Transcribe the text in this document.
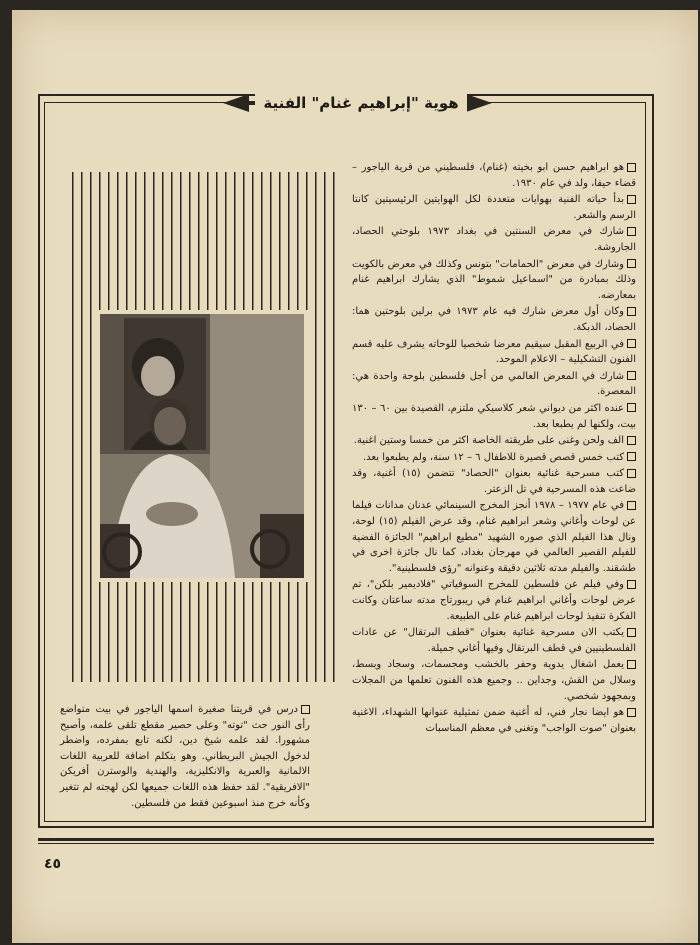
هوية "إبراهيم غنام" الفنية

هو ابراهيم حسن ابو بخيته (غنام)، فلسطيني من قرية الياجور – قضاء حيفا، ولد في عام ١٩٣٠.

بدأ حياته الفنية بهوايات متعددة لكل الهوايتين الرئيسيتين كانتا الرسم والشعر.

شارك في معرض السنتين في بغداد ١٩٧٣ بلوحتي الحصاد، الجاروشة.

وشارك في معرض "الحمامات" بتونس وكذلك في معرض بالكويت وذلك بمبادرة من "اسماعيل شموط" الذي يشارك ابراهيم غنام بمعارضه.

وكان أول معرض شارك فيه عام ١٩٧٣ في برلين بلوحتين هما: الحصاد، الدبكة.

في الربيع المقبل سيقيم معرضا شخصيا للوحاته يشرف عليه قسم الفنون التشكيلية – الاعلام الموحد.

شارك في المعرض العالمي من أجل فلسطين بلوحة واحدة هي: المعصرة.

عنده اكثر من ديواني شعر كلاسيكي ملتزم، القصيدة بين ٦٠ – ١٣٠ بيت، ولكنها لم يطبعا بعد.

الف ولحن وغنى على طريقته الخاصة اكثر من خمسا وستين اغنية.

كتب خمس قصص قصيرة للاطفال ٦ – ١٢ سنة، ولم يطبعوا بعد.

كتب مسرحية غنائية بعنوان "الحصاد" تتضمن (١٥) أغنية، وقد ضاعت هذه المسرحية في تل الزعتر.

في عام ١٩٧٧ – ١٩٧٨ أنجز المخرج السينمائي عدنان مدانات فيلما عن لوحات وأغاني وشعر ابراهيم غنام، وقد عرض الفيلم (١٥) لوحة، ونال هذا الفيلم الذي صوره الشهيد "مطيع ابراهيم" الجائزة الفضية للفيلم القصير العالمي في مهرجان بغداد، كما نال جائزة اخرى في طشقند. والفيلم مدته ثلاثين دقيقة وعنوانه "رؤى فلسطينية".

وفي فيلم عن فلسطين للمخرج السوفياتي "فلاديمير بلكن"، تم عرض لوحات وأغاني ابراهيم غنام في ريبورتاج مدته ساعتان وكانت الفكرة تنفيذ لوحات ابراهيم غنام على الطبيعة.

يكتب الان مسرحية غنائية بعنوان "قطف البرتقال" عن عادات الفلسطينيين في قطف البرتقال وفيها أغاني جميلة.

يعمل اشغال يدوية وحفر بالخشب ومجسمات، وسجاد وبسط، وسلال من القش، وجداين .. وجميع هذه الفنون تعلمها من المجلات وبمجهود شخصي.

هو ايضا نجار فني، له أغنية ضمن تمثيلية عنوانها الشهداء، الاغنية بعنوان "صوت الواجب" وتغنى في معظم المناسبات

درس في قريتنا صغيرة اسمها الياجور في بيت متواضع رأى النور حث "توته" وعلى حصير مقطع تلقى علمه، وأصبح مشهورا. لقد علمه شيخ دين، لكنه تابع بمفرده، واضطر لدخول الجيش البريطاني. وهو يتكلم اضافة للعربية اللغات الالمانية والعبرية والانكليزية، والهندية والوسترن أفريكن "الافريقية". لقد حفظ هذه اللغات جميعها لكن لهجته لم تتغير وكأنه خرج منذ اسبوعين فقط من فلسطين.
٤٥
